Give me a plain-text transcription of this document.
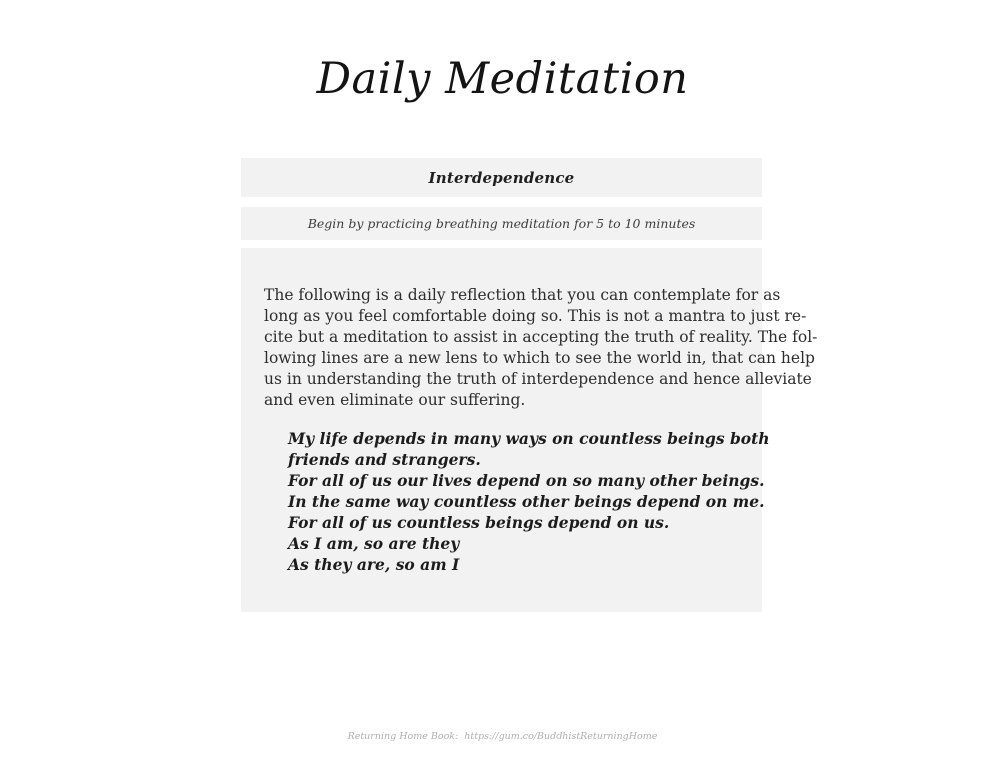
Daily Meditation
Interdependence
Begin by practicing breathing meditation for 5 to 10 minutes
The following is a daily reflection that you can contemplate for as
long as you feel comfortable doing so. This is not a mantra to just re-
cite but a meditation to assist in accepting the truth of reality. The fol-
lowing lines are a new lens to which to see the world in, that can help
us in understanding the truth of interdependence and hence alleviate
and even eliminate our suffering.
My life depends in many ways on countless beings both
friends and strangers.
For all of us our lives depend on so many other beings.
In the same way countless other beings depend on me.
For all of us countless beings depend on us.
As I am, so are they
As they are, so am I
Returning Home Book: https://gum.co/BuddhistReturningHome
